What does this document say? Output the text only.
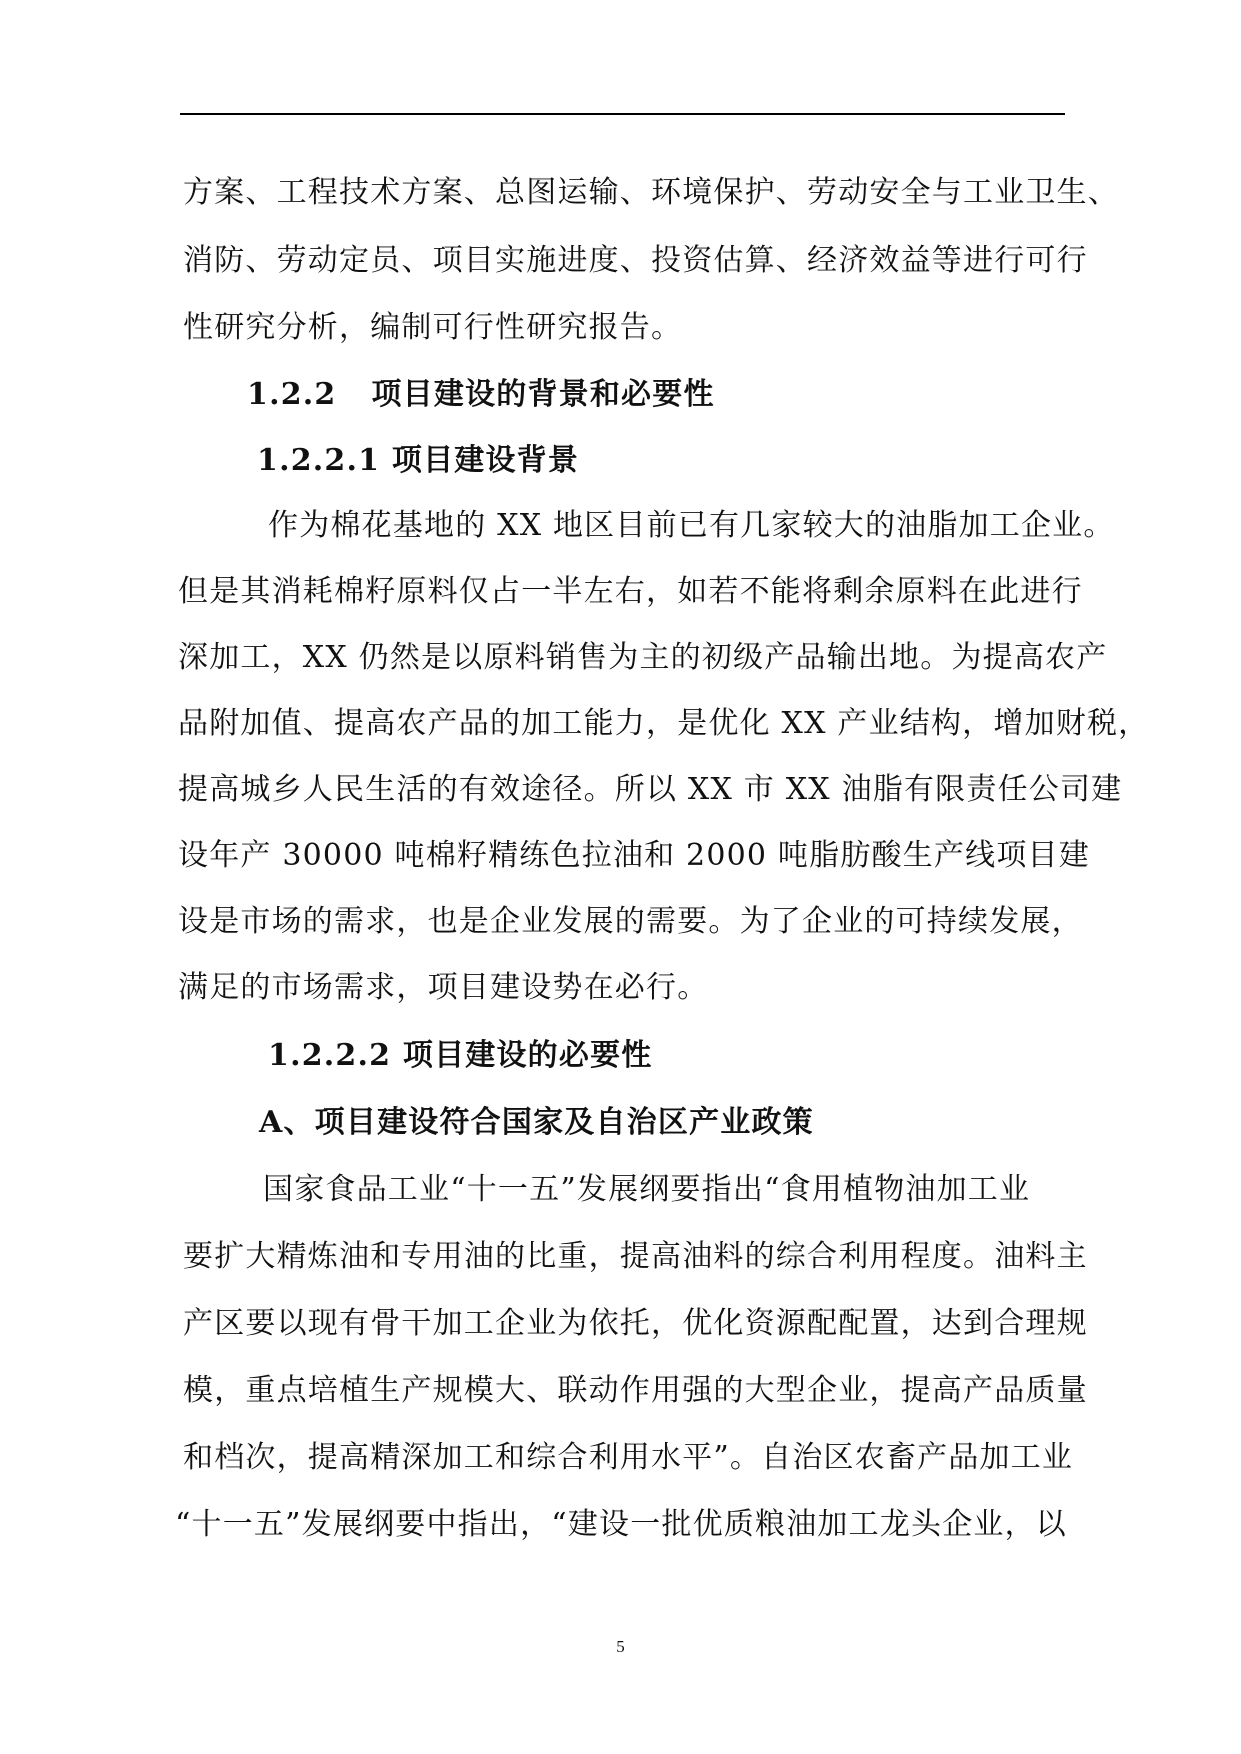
方案、工程技术方案、总图运输、环境保护、劳动安全与工业卫生、
消防、劳动定员、项目实施进度、投资估算、经济效益等进行可行
性研究分析，编制可行性研究报告。
1.2.2   项目建设的背景和必要性
1.2.2.1 项目建设背景
作为棉花基地的 XX 地区目前已有几家较大的油脂加工企业。
但是其消耗棉籽原料仅占一半左右，如若不能将剩余原料在此进行
深加工，XX 仍然是以原料销售为主的初级产品输出地。为提高农产
品附加值、提高农产品的加工能力，是优化 XX 产业结构，增加财税，
提高城乡人民生活的有效途径。所以 XX 市 XX 油脂有限责任公司建
设年产 30000 吨棉籽精练色拉油和 2000 吨脂肪酸生产线项目建
设是市场的需求，也是企业发展的需要。为了企业的可持续发展，
满足的市场需求，项目建设势在必行。
1.2.2.2 项目建设的必要性
A、项目建设符合国家及自治区产业政策
国家食品工业“十一五”发展纲要指出“食用植物油加工业
要扩大精炼油和专用油的比重，提高油料的综合利用程度。油料主
产区要以现有骨干加工企业为依托，优化资源配配置，达到合理规
模，重点培植生产规模大、联动作用强的大型企业，提高产品质量
和档次，提高精深加工和综合利用水平”。自治区农畜产品加工业
“十一五”发展纲要中指出，“建设一批优质粮油加工龙头企业，以
5
